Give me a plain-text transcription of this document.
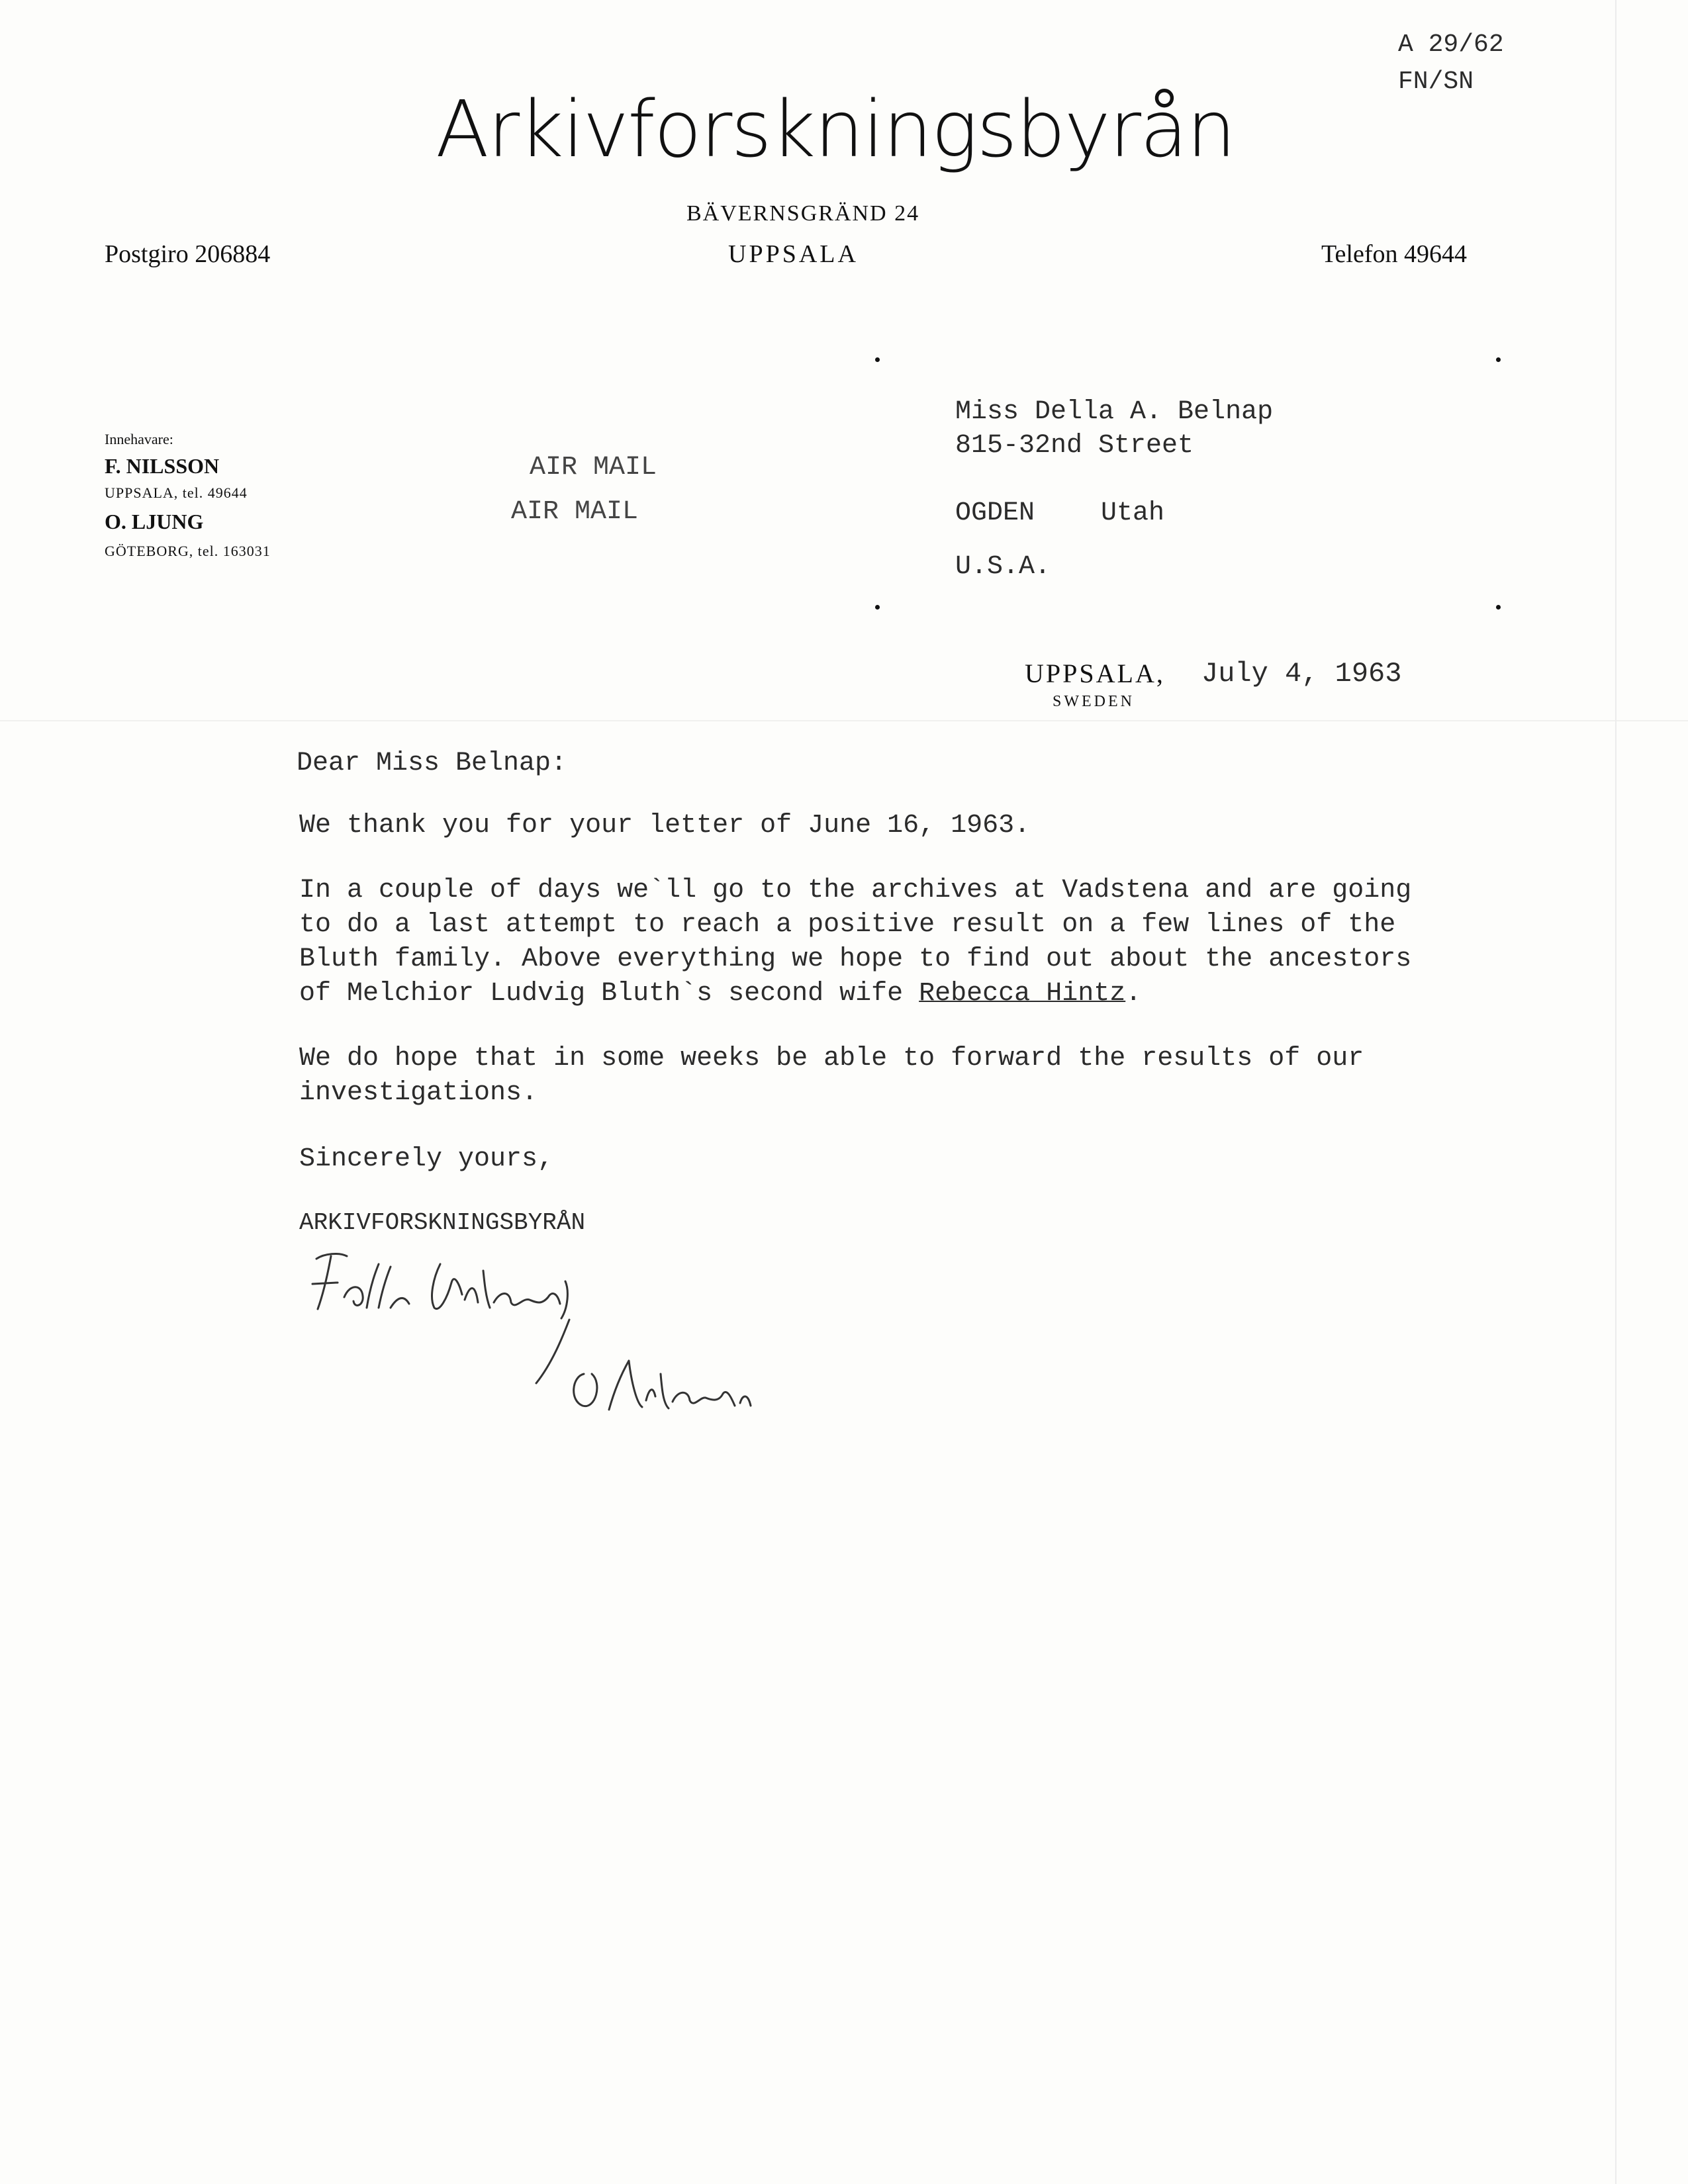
A 29/62
FN/SN
Arkivforskningsbyrån
BÄVERNSGRÄND 24
UPPSALA
Postgiro 206884	Telefon 49644
Innehavare:
F. NILSSON
UPPSALA, tel. 49644
O. LJUNG
GÖTEBORG, tel. 163031
AIR MAIL
AIR MAIL
Miss Della A. Belnap
815-32nd Street
OGDEN Utah
U.S.A.
UPPSALA,
SWEDEN
July 4, 1963
Dear Miss Belnap:
We thank you for your letter of June 16, 1963.
In a couple of days we`ll go to the archives at Vadstena and are going
to do a last attempt to reach a positive result on a few lines of the
Bluth family. Above everything we hope to find out about the ancestors
of Melchior Ludvig Bluth`s second wife Rebecca Hintz.
We do hope that in some weeks be able to forward the results of our
investigations.
Sincerely yours,
ARKIVFORSKNINGSBYRÅN
